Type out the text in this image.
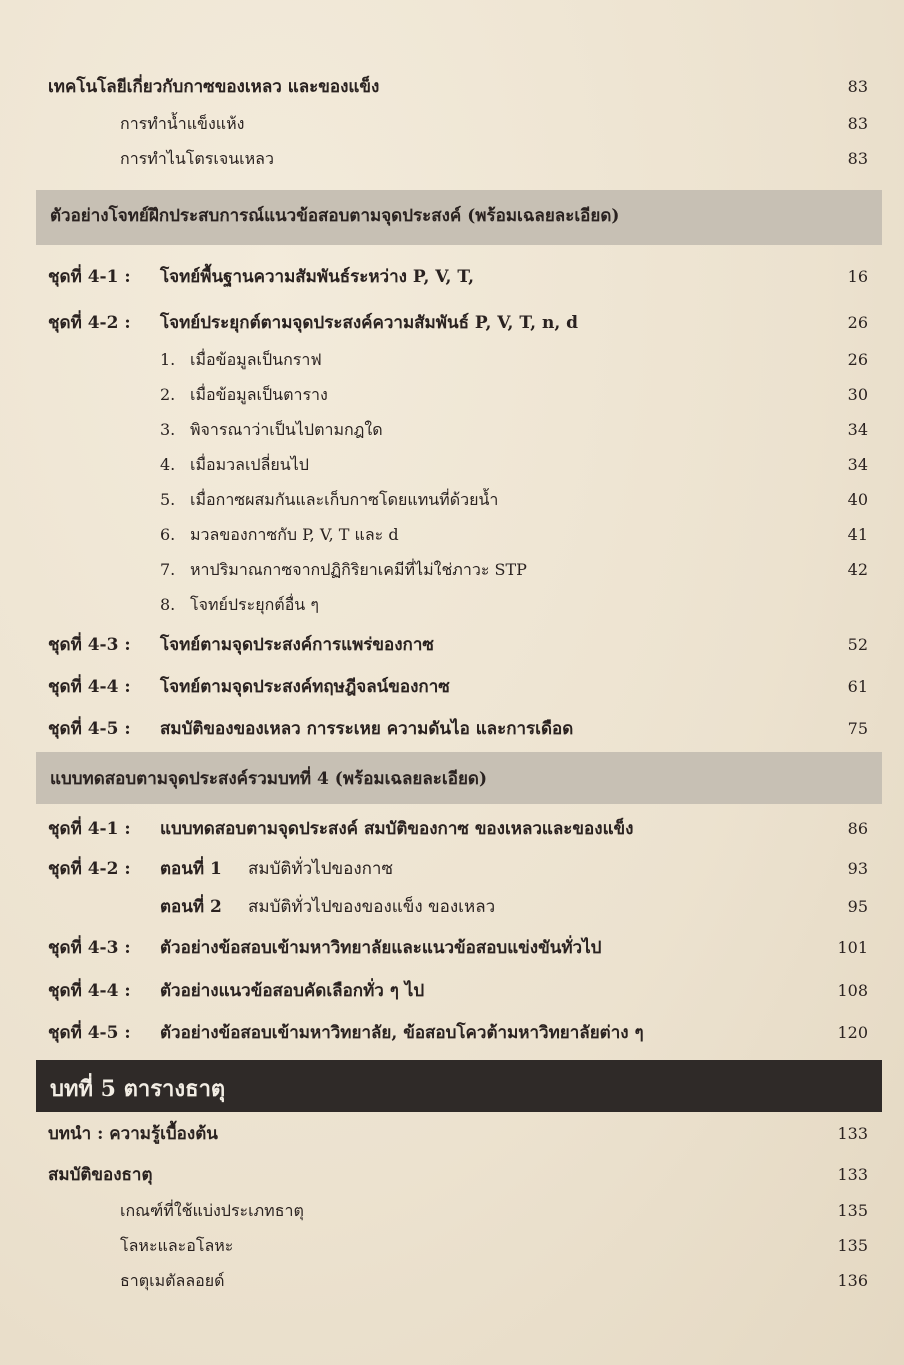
เทคโนโลยีเกี่ยวกับกาซของเหลว และของแข็ง	83
การทำน้ำแข็งแห้ง	83
การทำไนโตรเจนเหลว	83
ตัวอย่างโจทย์ฝึกประสบการณ์แนวข้อสอบตามจุดประสงค์ (พร้อมเฉลยละเอียด)
ชุดที่ 4-1 : โจทย์พื้นฐานความสัมพันธ์ระหว่าง P, V, T,	16
ชุดที่ 4-2 : โจทย์ประยุกต์ตามจุดประสงค์ความสัมพันธ์ P, V, T, n, d	26
1. เมื่อข้อมูลเป็นกราฟ	26
2. เมื่อข้อมูลเป็นตาราง	30
3. พิจารณาว่าเป็นไปตามกฎใด	34
4. เมื่อมวลเปลี่ยนไป	34
5. เมื่อกาซผสมกันและเก็บกาซโดยแทนที่ด้วยน้ำ	40
6. มวลของกาซกับ P, V, T และ d	41
7. หาปริมาณกาซจากปฏิกิริยาเคมีที่ไม่ใช่ภาวะ STP	42
8. โจทย์ประยุกต์อื่น ๆ
ชุดที่ 4-3 : โจทย์ตามจุดประสงค์การแพร่ของกาซ	52
ชุดที่ 4-4 : โจทย์ตามจุดประสงค์ทฤษฎีจลน์ของกาซ	61
ชุดที่ 4-5 : สมบัติของของเหลว การระเหย ความดันไอ และการเดือด	75
แบบทดสอบตามจุดประสงค์รวมบทที่ 4 (พร้อมเฉลยละเอียด)
ชุดที่ 4-1 : แบบทดสอบตามจุดประสงค์ สมบัติของกาซ ของเหลวและของแข็ง	86
ชุดที่ 4-2 : ตอนที่ 1 สมบัติทั่วไปของกาซ	93
ตอนที่ 2 สมบัติทั่วไปของของแข็ง ของเหลว	95
ชุดที่ 4-3 : ตัวอย่างข้อสอบเข้ามหาวิทยาลัยและแนวข้อสอบแข่งขันทั่วไป	101
ชุดที่ 4-4 : ตัวอย่างแนวข้อสอบคัดเลือกทั่ว ๆ ไป	108
ชุดที่ 4-5 : ตัวอย่างข้อสอบเข้ามหาวิทยาลัย, ข้อสอบโควต้ามหาวิทยาลัยต่าง ๆ	120
บทที่ 5 ตารางธาตุ
บทนำ : ความรู้เบื้องต้น	133
สมบัติของธาตุ	133
เกณฑ์ที่ใช้แบ่งประเภทธาตุ	135
โลหะและอโลหะ	135
ธาตุเมตัลลอยด์	136
